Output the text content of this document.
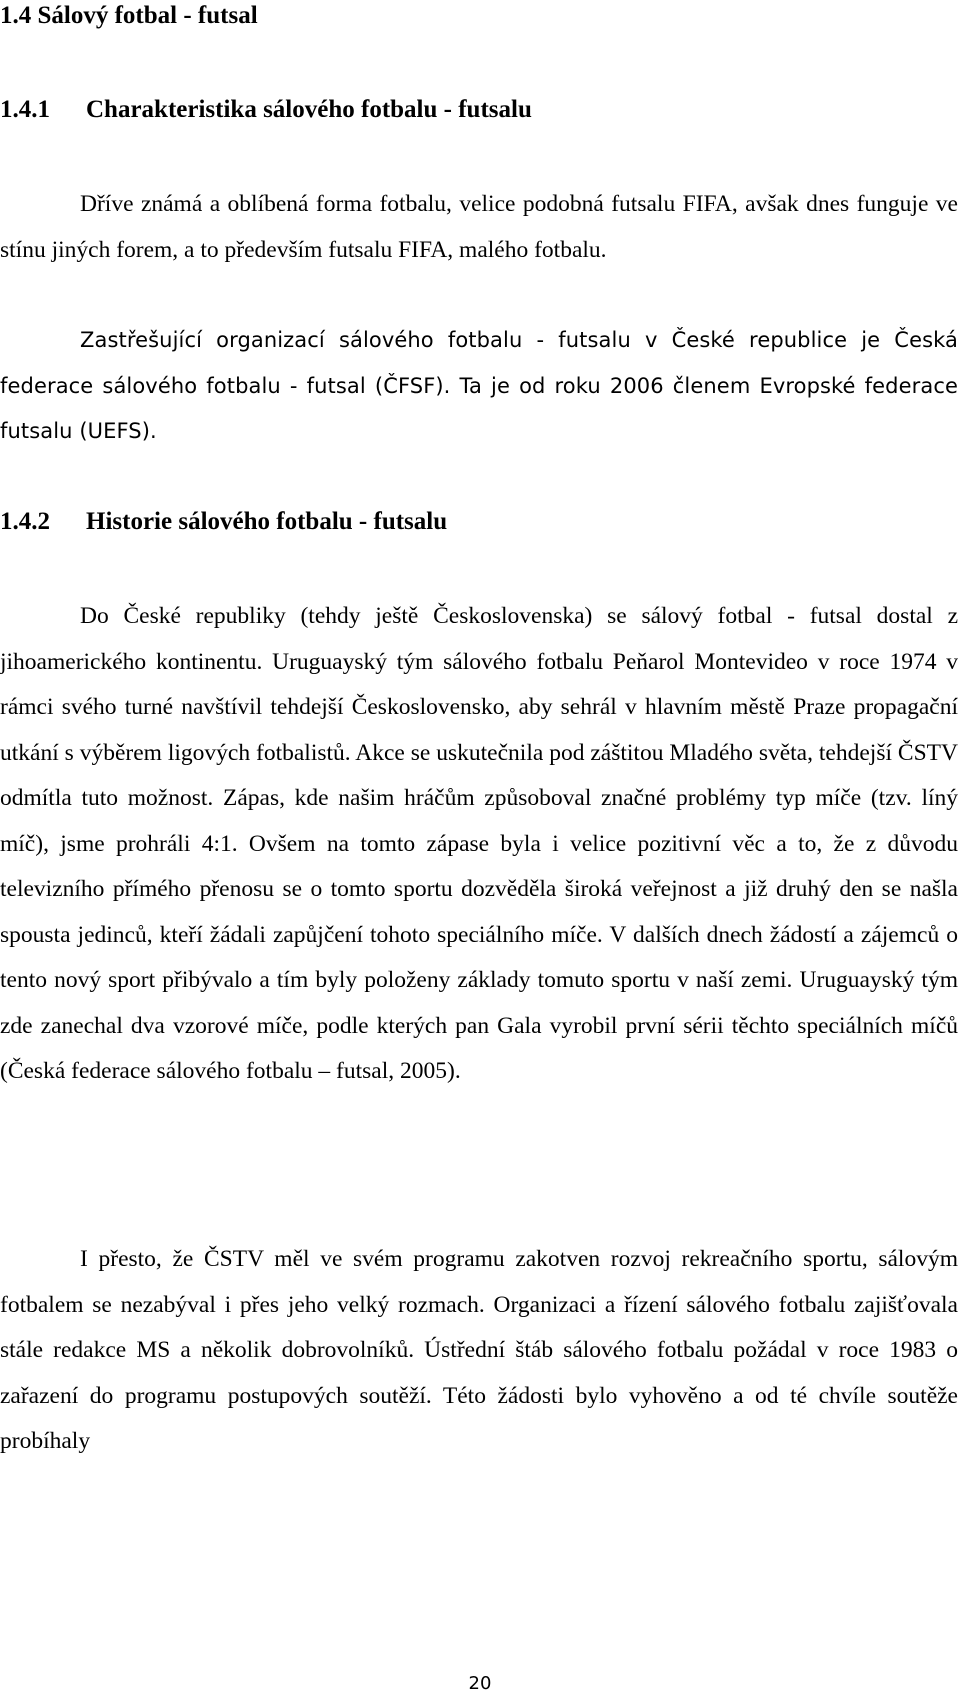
1.4 Sálový fotbal - futsal
1.4.1 Charakteristika sálového fotbalu - futsalu

Dříve známá a oblíbená forma fotbalu, velice podobná futsalu FIFA, avšak dnes funguje ve stínu jiných forem, a to především futsalu FIFA, malého fotbalu.

Zastřešující organizací sálového fotbalu - futsalu v České republice je Česká federace sálového fotbalu - futsal (ČFSF). Ta je od roku 2006 členem Evropské federace futsalu (UEFS).

1.4.2 Historie sálového fotbalu - futsalu

Do České republiky (tehdy ještě Československa) se sálový fotbal - futsal dostal z jihoamerického kontinentu. Uruguayský tým sálového fotbalu Peňarol Montevideo v roce 1974 v rámci svého turné navštívil tehdejší Československo, aby sehrál v hlavním městě Praze propagační utkání s výběrem ligových fotbalistů. Akce se uskutečnila pod záštitou Mladého světa, tehdejší ČSTV odmítla tuto možnost. Zápas, kde našim hráčům způsoboval značné problémy typ míče (tzv. líný míč), jsme prohráli 4:1. Ovšem na tomto zápase byla i velice pozitivní věc a to, že z důvodu televizního přímého přenosu se o tomto sportu dozvěděla široká veřejnost a již druhý den se našla spousta jedinců, kteří žádali zapůjčení tohoto speciálního míče. V dalších dnech žádostí a zájemců o tento nový sport přibývalo a tím byly položeny základy tomuto sportu v naší zemi. Uruguayský tým zde zanechal dva vzorové míče, podle kterých pan Gala vyrobil první sérii těchto speciálních míčů (Česká federace sálového fotbalu – futsal, 2005).

I přesto, že ČSTV měl ve svém programu zakotven rozvoj rekreačního sportu, sálovým fotbalem se nezabýval i přes jeho velký rozmach. Organizaci a řízení sálového fotbalu zajišťovala stále redakce MS a několik dobrovolníků. Ústřední štáb sálového fotbalu požádal v roce 1983 o zařazení do programu postupových soutěží. Této žádosti bylo vyhověno a od té chvíle soutěže probíhaly

20
